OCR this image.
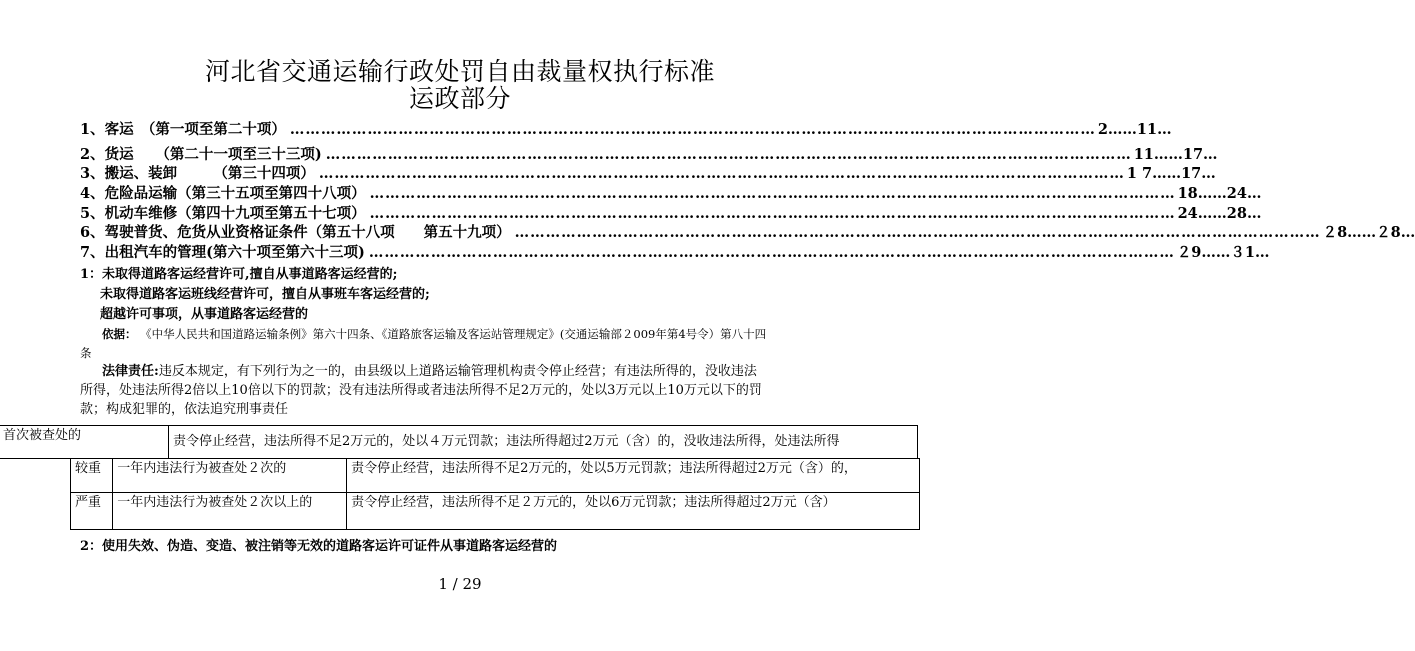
河北省交通运输行政处罚自由裁量权执行标准
运政部分
1、客运　（第一项至第二十项） ………………………………………………………………………………………………………………………………………… 2……11…
2、货运　　（第二十一项至三十三项) ………………………………………………………………………………………………………………………………………… 11……17…
3、搬运、装卸　　　（第三十四项） ………………………………………………………………………………………………………………………………………… 1 7……17…
4、危险品运输（第三十五项至第四十八项） ………………………………………………………………………………………………………………………………………… 18……24…
5、机动车维修（第四十九项至第五十七项） ………………………………………………………………………………………………………………………………………… 24……28…
6、驾驶普货、危货从业资格证条件（第五十八项　　第五十九项） ………………………………………………………………………………………………………………………………………… ２8……２8…
7、出租汽车的管理(第六十项至第六十三项) ………………………………………………………………………………………………………………………………………… ２9……３1…
1：未取得道路客运经营许可,擅自从事道路客运经营的;
未取得道路客运班线经营许可，擅自从事班车客运经营的;
超越许可事项，从事道路客运经营的
依据： 《中华人民共和国道路运输条例》第六十四条、《道路旅客运输及客运站管理规定》(交通运输部２009年第4号令）第八十四
条
法律责任:违反本规定，有下列行为之一的，由县级以上道路运输管理机构责令停止经营；有违法所得的，没收违法
所得，处违法所得2倍以上10倍以下的罚款；没有违法所得或者违法所得不足2万元的，处以3万元以上10万元以下的罚
款；构成犯罪的，依法追究刑事责任
首次被查处的	责令停止经营，违法所得不足2万元的，处以４万元罚款；违法所得超过2万元（含）的，没收违法所得，处违法所得
较重	一年内违法行为被查处２次的	责令停止经营，违法所得不足2万元的，处以5万元罚款；违法所得超过2万元（含）的，
严重	一年内违法行为被查处２次以上的	责令停止经营，违法所得不足２万元的，处以6万元罚款；违法所得超过2万元（含）
2：使用失效、伪造、变造、被注销等无效的道路客运许可证件从事道路客运经营的
1 / 29
